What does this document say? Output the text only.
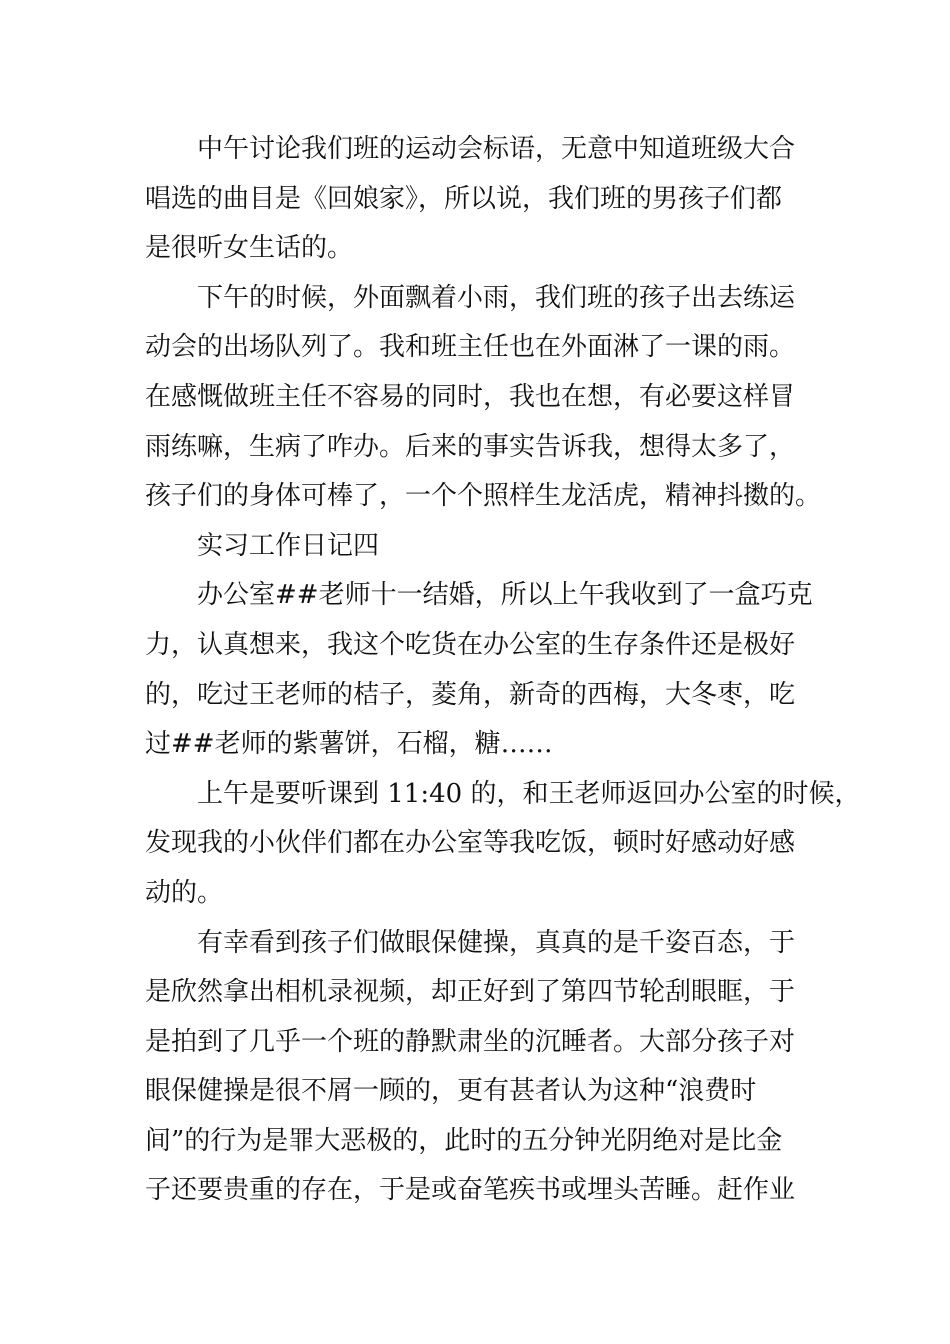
中午讨论我们班的运动会标语，无意中知道班级大合
唱选的曲目是《回娘家》，所以说，我们班的男孩子们都
是很听女生话的。
下午的时候，外面飘着小雨，我们班的孩子出去练运
动会的出场队列了。我和班主任也在外面淋了一课的雨。
在感慨做班主任不容易的同时，我也在想，有必要这样冒
雨练嘛，生病了咋办。后来的事实告诉我，想得太多了，
孩子们的身体可棒了，一个个照样生龙活虎，精神抖擞的。
实习工作日记四
办公室##老师十一结婚，所以上午我收到了一盒巧克
力，认真想来，我这个吃货在办公室的生存条件还是极好
的，吃过王老师的桔子，菱角，新奇的西梅，大冬枣，吃
过##老师的紫薯饼，石榴，糖……
上午是要听课到 11:40 的，和王老师返回办公室的时候，
发现我的小伙伴们都在办公室等我吃饭，顿时好感动好感
动的。
有幸看到孩子们做眼保健操，真真的是千姿百态，于
是欣然拿出相机录视频，却正好到了第四节轮刮眼眶，于
是拍到了几乎一个班的静默肃坐的沉睡者。大部分孩子对
眼保健操是很不屑一顾的，更有甚者认为这种“浪费时
间”的行为是罪大恶极的，此时的五分钟光阴绝对是比金
子还要贵重的存在，于是或奋笔疾书或埋头苦睡。赶作业
